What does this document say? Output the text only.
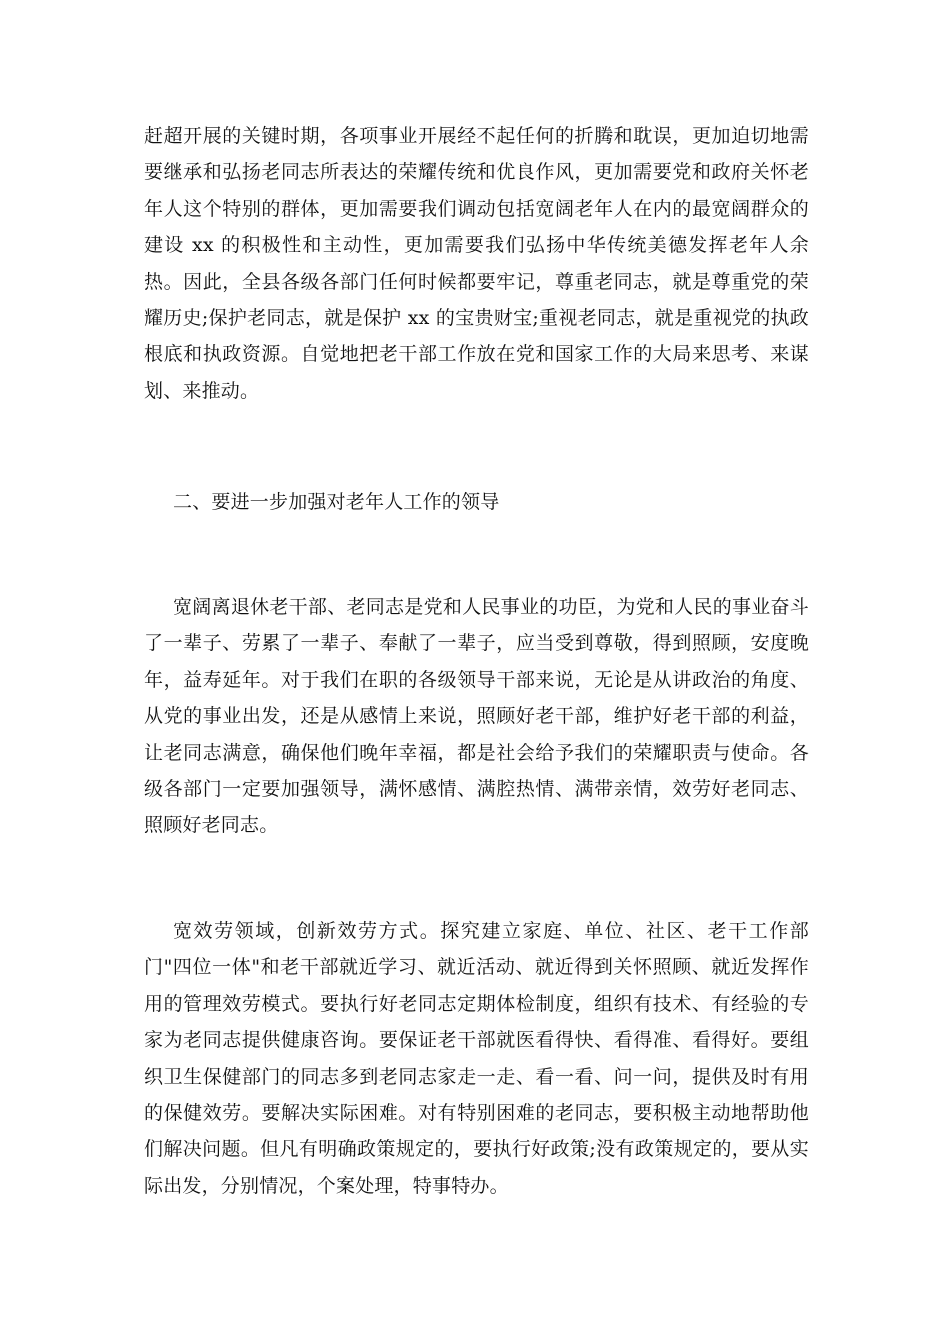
赶超开展的关键时期，各项事业开展经不起任何的折腾和耽误，更加迫切地需要继承和弘扬老同志所表达的荣耀传统和优良作风，更加需要党和政府关怀老年人这个特别的群体，更加需要我们调动包括宽阔老年人在内的最宽阔群众的建设 xx 的积极性和主动性，更加需要我们弘扬中华传统美德发挥老年人余热。因此，全县各级各部门任何时候都要牢记，尊重老同志，就是尊重党的荣耀历史;保护老同志，就是保护 xx 的宝贵财宝;重视老同志，就是重视党的执政根底和执政资源。自觉地把老干部工作放在党和国家工作的大局来思考、来谋划、来推动。

二、要进一步加强对老年人工作的领导

宽阔离退休老干部、老同志是党和人民事业的功臣，为党和人民的事业奋斗了一辈子、劳累了一辈子、奉献了一辈子，应当受到尊敬，得到照顾，安度晚年，益寿延年。对于我们在职的各级领导干部来说，无论是从讲政治的角度、从党的事业出发，还是从感情上来说，照顾好老干部，维护好老干部的利益，让老同志满意，确保他们晚年幸福，都是社会给予我们的荣耀职责与使命。各级各部门一定要加强领导，满怀感情、满腔热情、满带亲情，效劳好老同志、照顾好老同志。

宽效劳领域，创新效劳方式。探究建立家庭、单位、社区、老干工作部门"四位一体"和老干部就近学习、就近活动、就近得到关怀照顾、就近发挥作用的管理效劳模式。要执行好老同志定期体检制度，组织有技术、有经验的专家为老同志提供健康咨询。要保证老干部就医看得快、看得准、看得好。要组织卫生保健部门的同志多到老同志家走一走、看一看、问一问，提供及时有用的保健效劳。要解决实际困难。对有特别困难的老同志，要积极主动地帮助他们解决问题。但凡有明确政策规定的，要执行好政策;没有政策规定的，要从实际出发，分别情况，个案处理，特事特办。
